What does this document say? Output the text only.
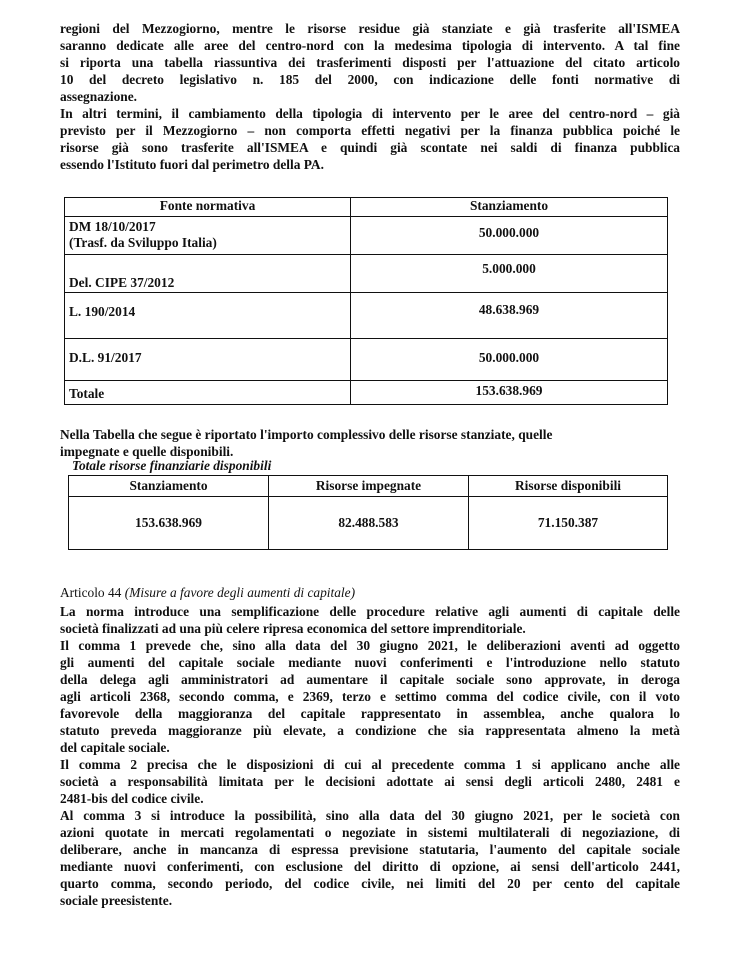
regioni del Mezzogiorno, mentre le risorse residue già stanziate e già trasferite all'ISMEA
saranno dedicate alle aree del centro-nord con la medesima tipologia di intervento. A tal fine
si riporta una tabella riassuntiva dei trasferimenti disposti per l'attuazione del citato articolo
10 del decreto legislativo n. 185 del 2000, con indicazione delle fonti normative di
assegnazione.
In altri termini, il cambiamento della tipologia di intervento per le aree del centro-nord – già
previsto per il Mezzogiorno – non comporta effetti negativi per la finanza pubblica poiché le
risorse già sono trasferite all'ISMEA e quindi già scontate nei saldi di finanza pubblica
essendo l'Istituto fuori dal perimetro della PA.
Fonte normativa	Stanziamento
DM 18/10/2017
(Trasf. da Sviluppo Italia)	50.000.000
Del. CIPE 37/2012	5.000.000
L. 190/2014	48.638.969
D.L. 91/2017	50.000.000
Totale	153.638.969
Nella Tabella che segue è riportato l'importo complessivo delle risorse stanziate, quelle
impegnate e quelle disponibili.
Totale risorse finanziarie disponibili
Stanziamento	Risorse impegnate	Risorse disponibili
153.638.969	82.488.583	71.150.387
Articolo 44 (Misure a favore degli aumenti di capitale)
La norma introduce una semplificazione delle procedure relative agli aumenti di capitale delle
società finalizzati ad una più celere ripresa economica del settore imprenditoriale.
Il comma 1 prevede che, sino alla data del 30 giugno 2021, le deliberazioni aventi ad oggetto
gli aumenti del capitale sociale mediante nuovi conferimenti e l'introduzione nello statuto
della delega agli amministratori ad aumentare il capitale sociale sono approvate, in deroga
agli articoli 2368, secondo comma, e 2369, terzo e settimo comma del codice civile, con il voto
favorevole della maggioranza del capitale rappresentato in assemblea, anche qualora lo
statuto preveda maggioranze più elevate, a condizione che sia rappresentata almeno la metà
del capitale sociale.
Il comma 2 precisa che le disposizioni di cui al precedente comma 1 si applicano anche alle
società a responsabilità limitata per le decisioni adottate ai sensi degli articoli 2480, 2481 e
2481-bis del codice civile.
Al comma 3 si introduce la possibilità, sino alla data del 30 giugno 2021, per le società con
azioni quotate in mercati regolamentati o negoziate in sistemi multilaterali di negoziazione, di
deliberare, anche in mancanza di espressa previsione statutaria, l'aumento del capitale sociale
mediante nuovi conferimenti, con esclusione del diritto di opzione, ai sensi dell'articolo 2441,
quarto comma, secondo periodo, del codice civile, nei limiti del 20 per cento del capitale
sociale preesistente.
